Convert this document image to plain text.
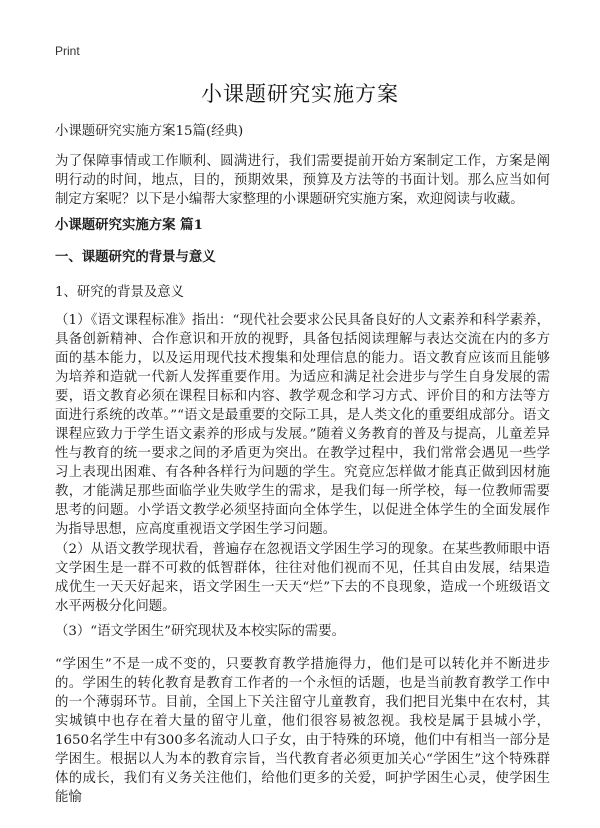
Print
小课题研究实施方案

小课题研究实施方案15篇(经典)

为了保障事情或工作顺利、圆满进行，我们需要提前开始方案制定工作，方案是阐明行动的时间，地点，目的，预期效果，预算及方法等的书面计划。那么应当如何制定方案呢？以下是小编帮大家整理的小课题研究实施方案，欢迎阅读与收藏。

小课题研究实施方案 篇1

一、课题研究的背景与意义

1、研究的背景及意义

（1）《语文课程标准》指出：“现代社会要求公民具备良好的人文素养和科学素养，具备创新精神、合作意识和开放的视野，具备包括阅读理解与表达交流在内的多方面的基本能力，以及运用现代技术搜集和处理信息的能力。语文教育应该而且能够为培养和造就一代新人发挥重要作用。为适应和满足社会进步与学生自身发展的需要，语文教育必须在课程目标和内容、教学观念和学习方式、评价目的和方法等方面进行系统的改革。”“语文是最重要的交际工具，是人类文化的重要组成部分。语文课程应致力于学生语文素养的形成与发展。”随着义务教育的普及与提高，儿童差异性与教育的统一要求之间的矛盾更为突出。在教学过程中，我们常常会遇见一些学习上表现出困难、有各种各样行为问题的学生。究竟应怎样做才能真正做到因材施教，才能满足那些面临学业失败学生的需求，是我们每一所学校，每一位教师需要思考的问题。小学语文教学必须坚持面向全体学生，以促进全体学生的全面发展作为指导思想，应高度重视语文学困生学习问题。

（2）从语文教学现状看，普遍存在忽视语文学困生学习的现象。在某些教师眼中语文学困生是一群不可救的低智群体，往往对他们视而不见，任其自由发展，结果造成优生一天天好起来，语文学困生一天天“烂”下去的不良现象，造成一个班级语文水平两极分化问题。

（3）“语文学困生”研究现状及本校实际的需要。

“学困生”不是一成不变的，只要教育教学措施得力，他们是可以转化并不断进步的。学困生的转化教育是教育工作者的一个永恒的话题，也是当前教育教学工作中的一个薄弱环节。目前，全国上下关注留守儿童教育，我们把目光集中在农村，其实城镇中也存在着大量的留守儿童，他们很容易被忽视。我校是属于县城小学，1650名学生中有300多名流动人口子女，由于特殊的环境，他们中有相当一部分是学困生。根据以人为本的教育宗旨，当代教育者必须更加关心“学困生”这个特殊群体的成长，我们有义务关注他们，给他们更多的关爱，呵护学困生心灵，使学困生能愉
